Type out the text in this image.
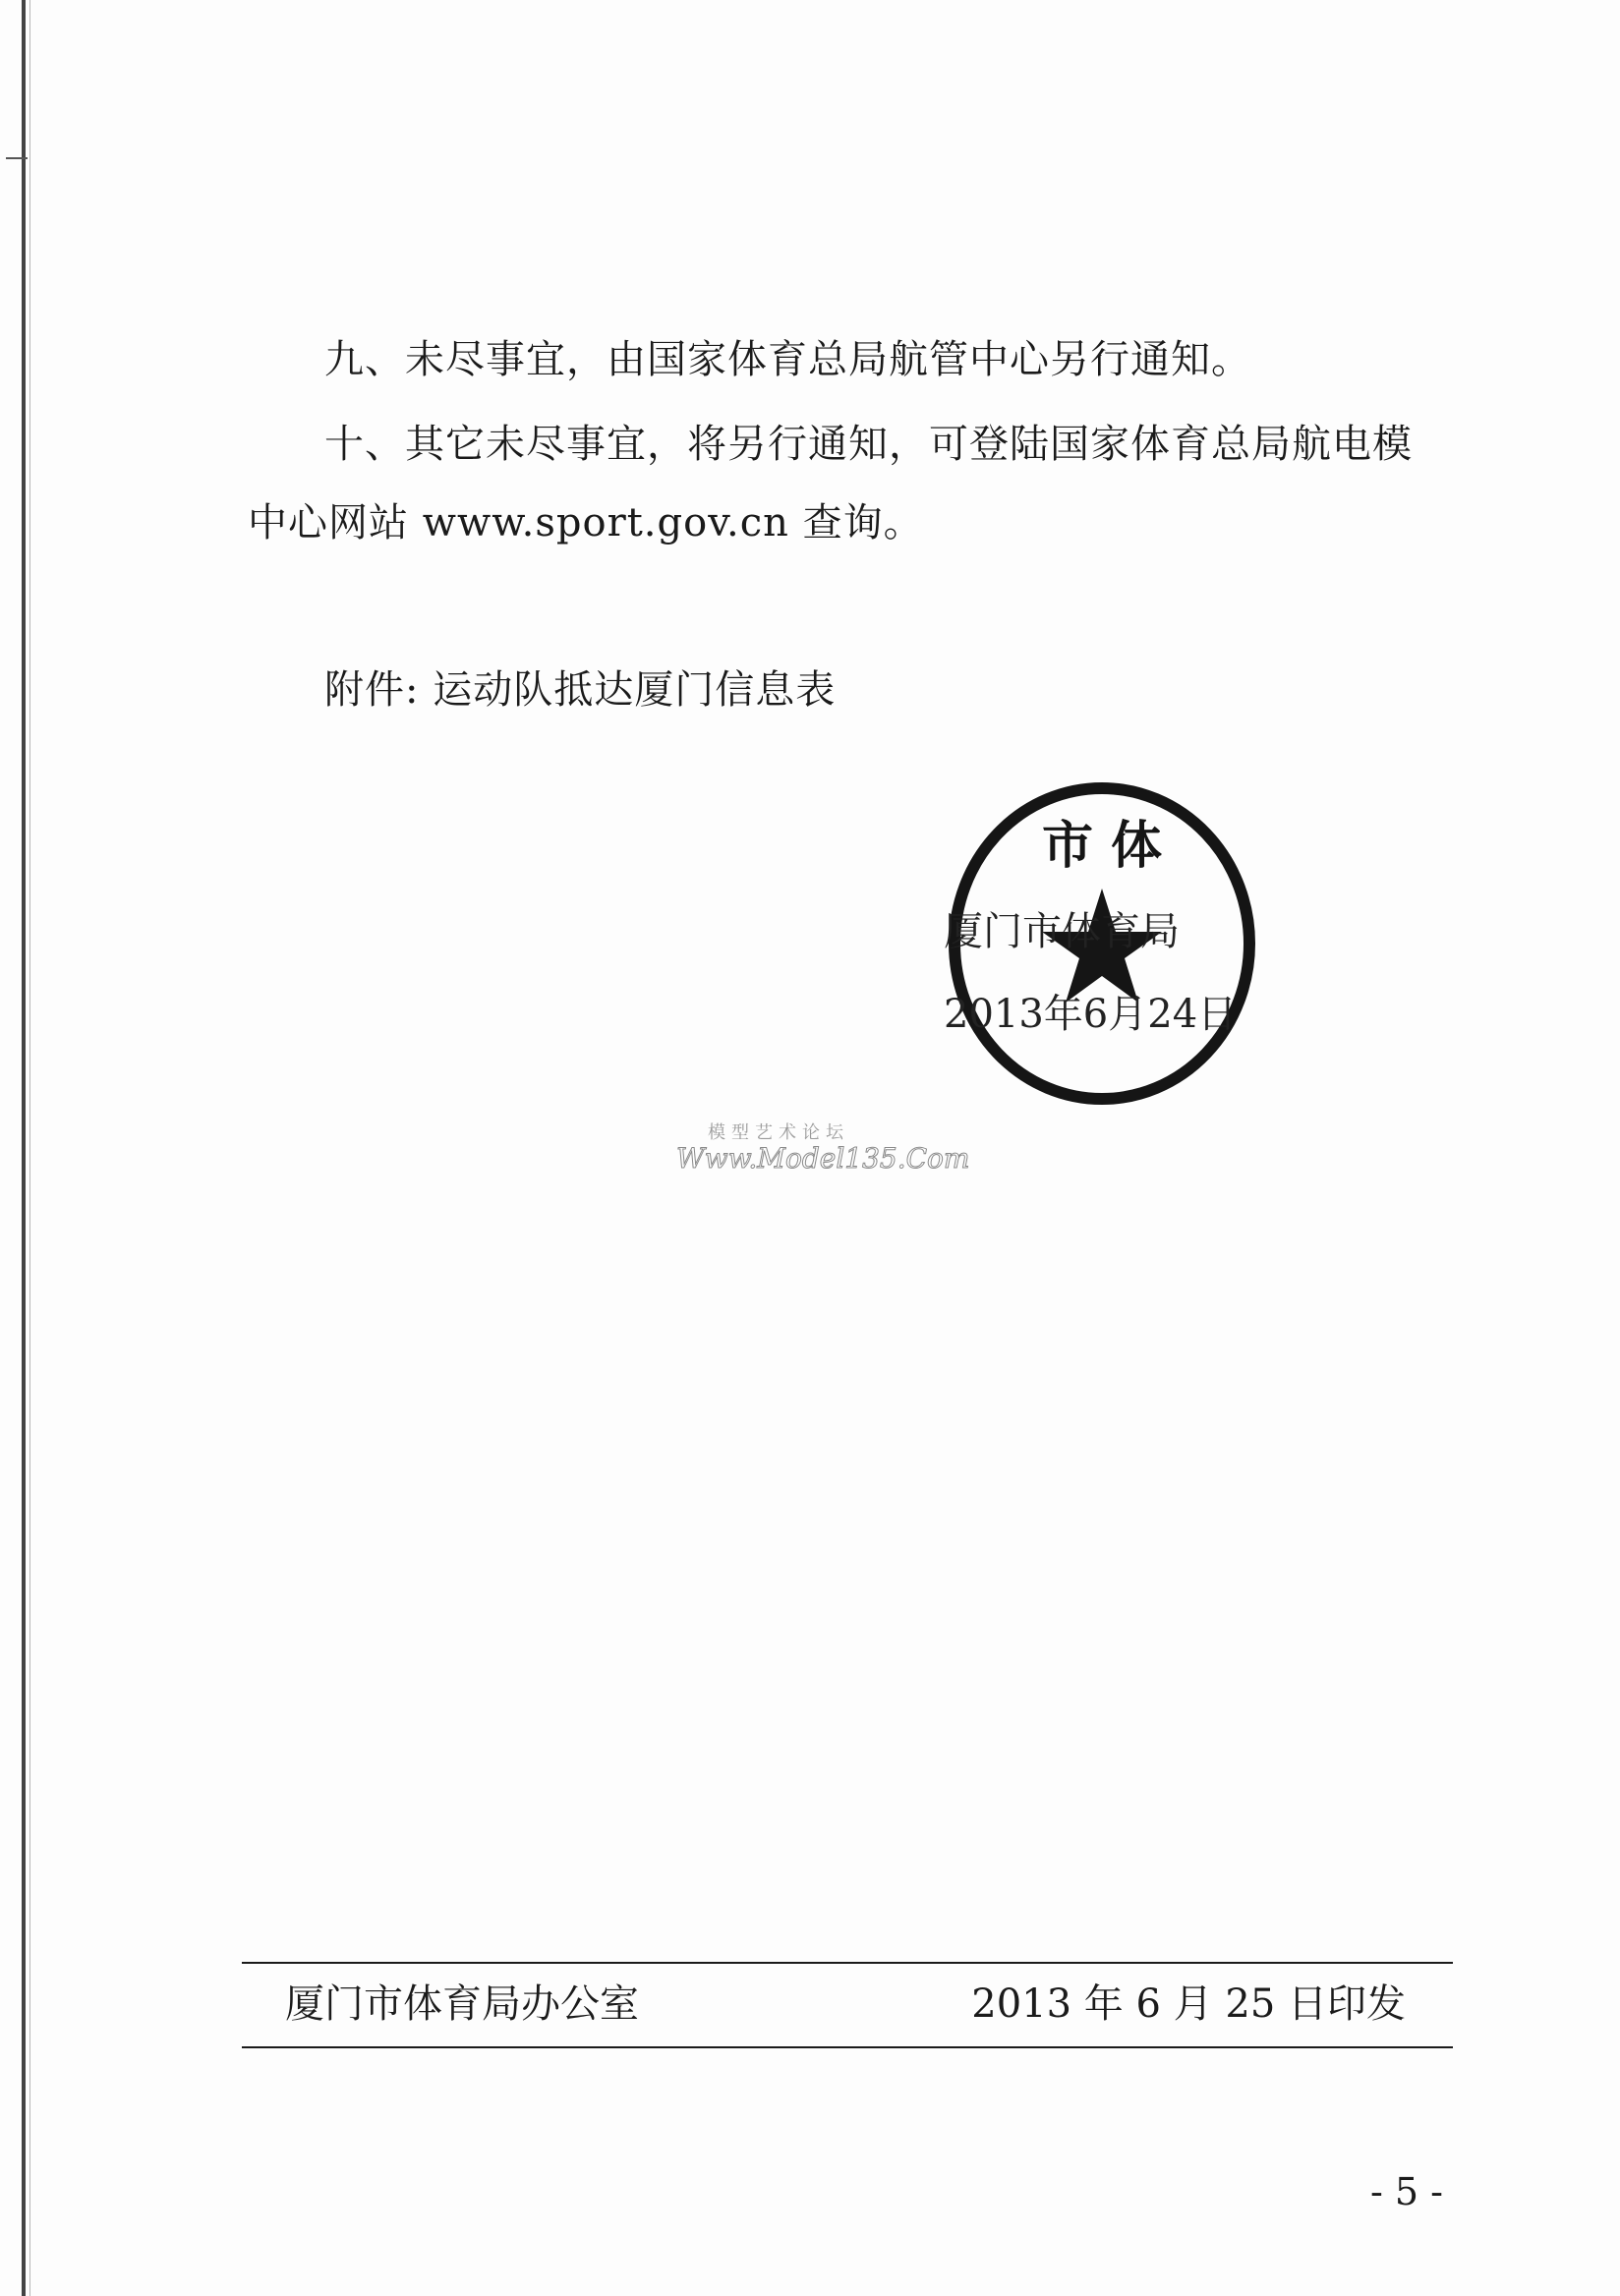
九、未尽事宜，由国家体育总局航管中心另行通知。
十、其它未尽事宜，将另行通知，可登陆国家体育总局航电模
中心网站 www.sport.gov.cn 查询。
附件: 运动队抵达厦门信息表
市 体
厦门市体育局
2013年6月24日
模型艺术论坛
Www.Model135.Com
厦门市体育局办公室	2013 年 6 月 25 日印发
- 5 -
